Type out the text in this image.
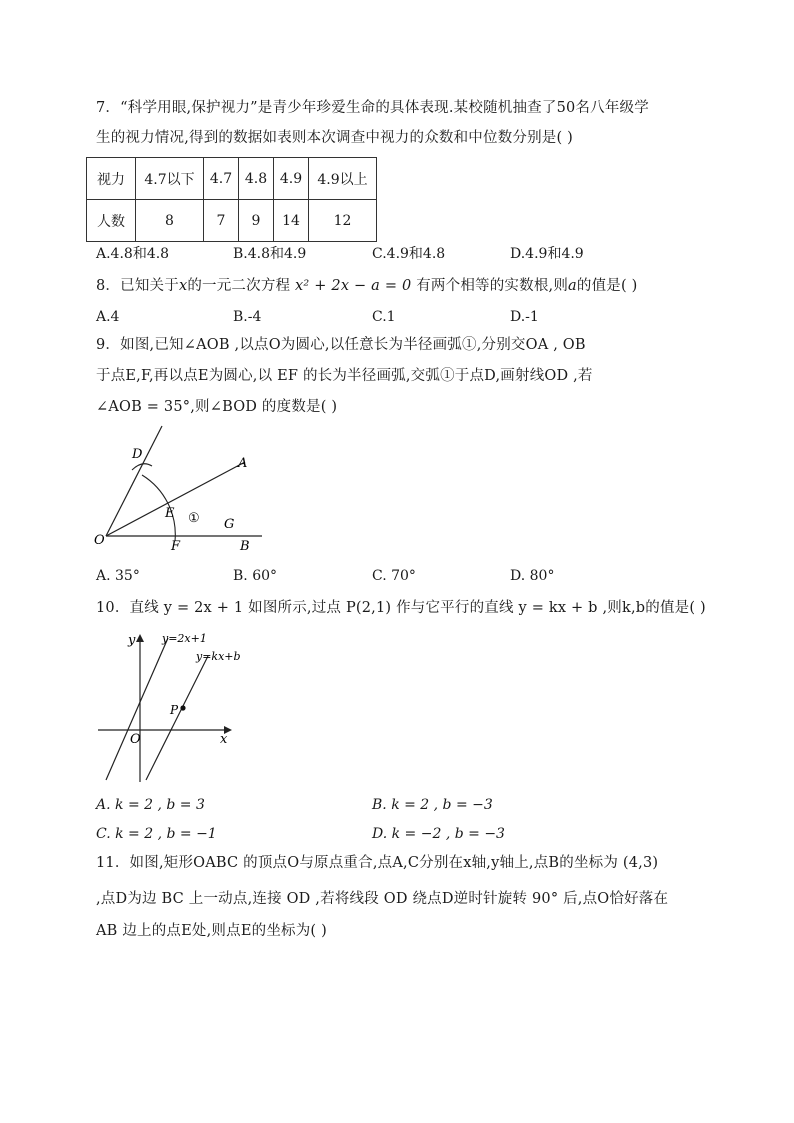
7．“科学用眼,保护视力”是青少年珍爱生命的具体表现.某校随机抽查了50名八年级学
生的视力情况,得到的数据如表则本次调查中视力的众数和中位数分别是( )
视力	4.7以下	4.7	4.8	4.9	4.9以上
人数	8	7	9	14	12
A.4.8和4.8	B.4.8和4.9	C.4.9和4.8	D.4.9和4.9
8．已知关于x的一元二次方程 x² + 2x − a = 0 有两个相等的实数根,则a的值是( )
A.4	B.-4	C.1	D.-1
9．如图,已知∠AOB ,以点O为圆心,以任意长为半径画弧①,分别交OA , OB
于点E,F,再以点E为圆心,以 EF 的长为半径画弧,交弧①于点D,画射线OD ,若
∠AOB = 35°,则∠BOD 的度数是( )
D
A
E ① G
O	F	B
A. 35°	B. 60°	C. 70°	D. 80°
10．直线 y = 2x + 1 如图所示,过点 P(2,1) 作与它平行的直线 y = kx + b ,则k,b的值是( )
y
x
O
P
y=2x+1
y=kx+b
A. k = 2 , b = 3	B. k = 2 , b = −3
C. k = 2 , b = −1	D. k = −2 , b = −3
11．如图,矩形OABC 的顶点O与原点重合,点A,C分别在x轴,y轴上,点B的坐标为 (4,3)
,点D为边 BC 上一动点,连接 OD ,若将线段 OD 绕点D逆时针旋转 90° 后,点O恰好落在
AB 边上的点E处,则点E的坐标为( )
